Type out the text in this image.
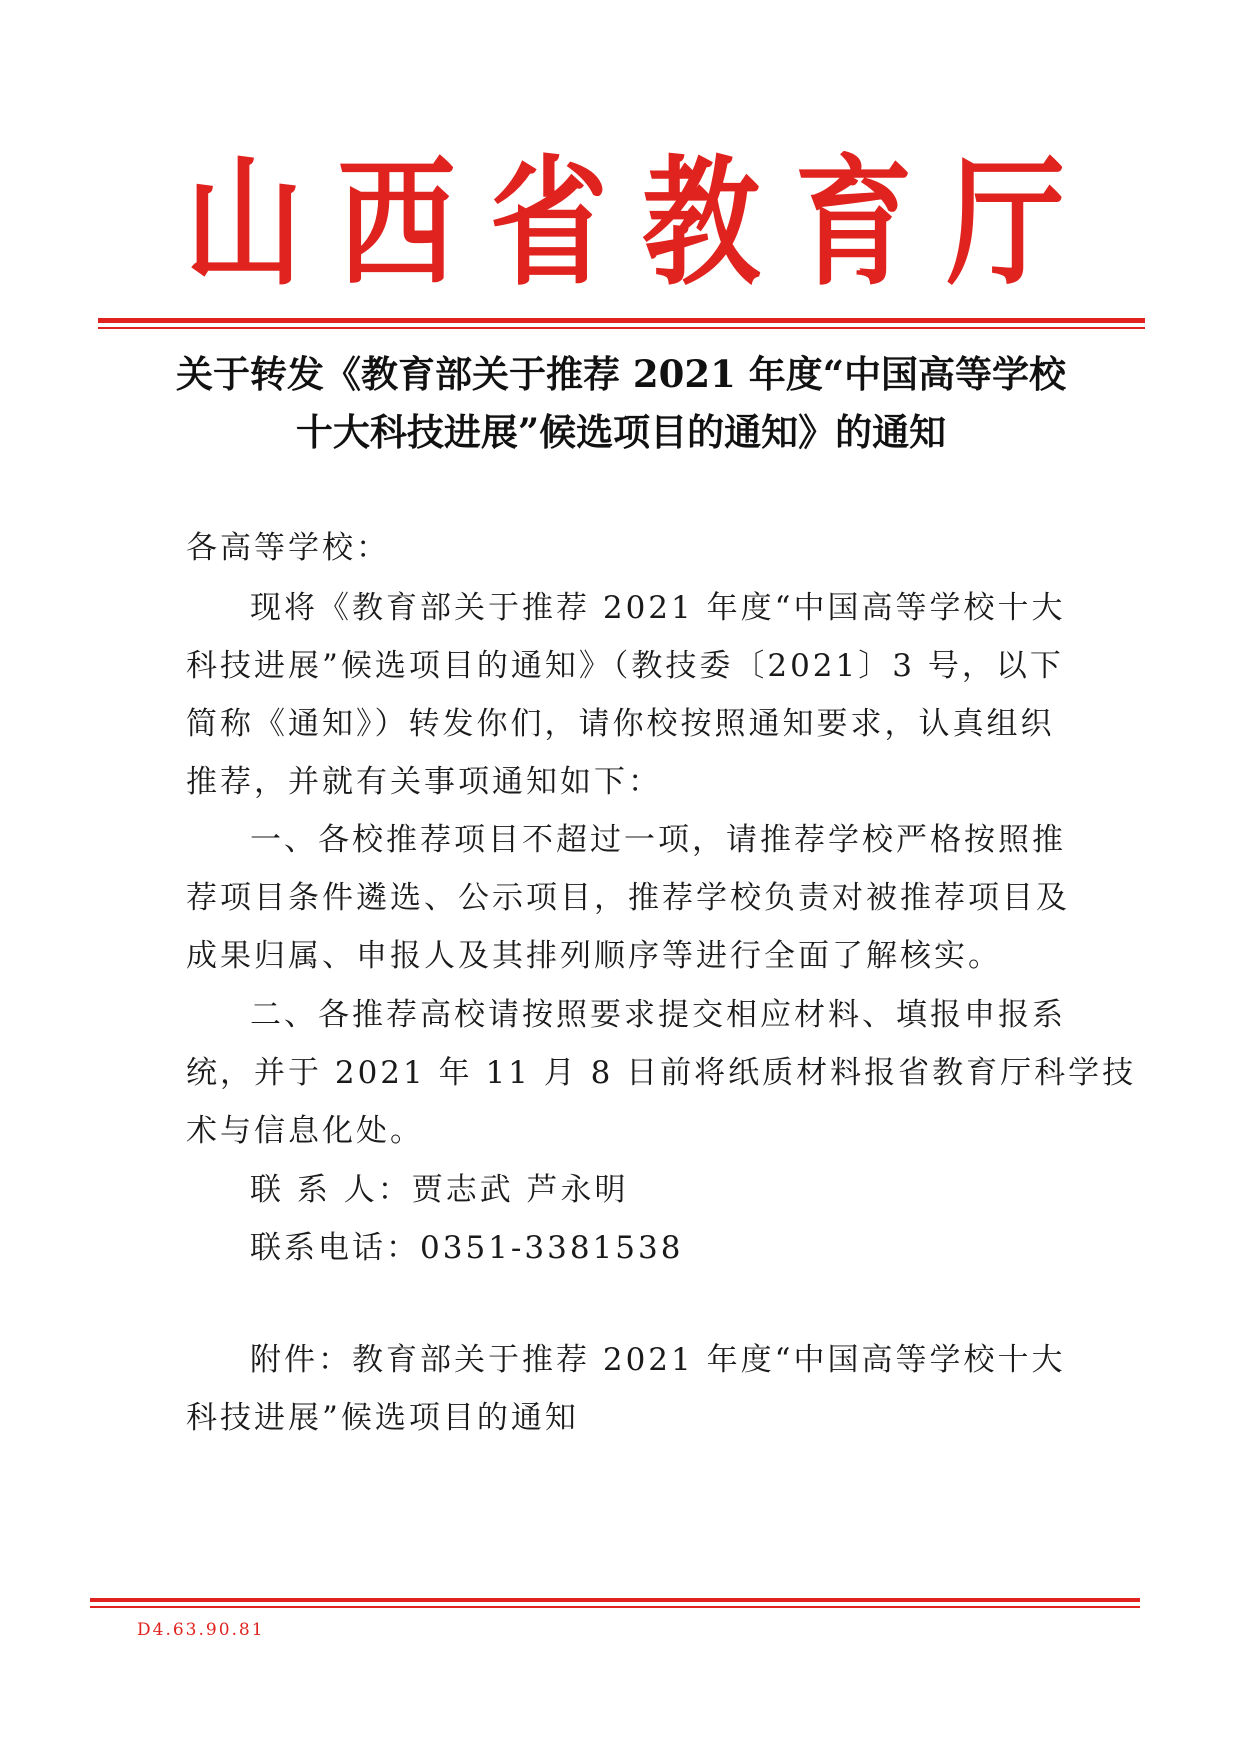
山 西 省 教 育 厅
关于转发《教育部关于推荐 2021 年度“中国高等学校
十大科技进展”候选项目的通知》的通知
各高等学校：
现将《教育部关于推荐 2021 年度“中国高等学校十大
科技进展”候选项目的通知》（教技委〔2021〕3 号，以下
简称《通知》）转发你们，请你校按照通知要求，认真组织
推荐，并就有关事项通知如下：
一、各校推荐项目不超过一项，请推荐学校严格按照推
荐项目条件遴选、公示项目，推荐学校负责对被推荐项目及
成果归属、申报人及其排列顺序等进行全面了解核实。
二、各推荐高校请按照要求提交相应材料、填报申报系
统，并于 2021 年 11 月 8 日前将纸质材料报省教育厅科学技
术与信息化处。
联 系 人：贾志武 芦永明
联系电话：0351-3381538
附件：教育部关于推荐 2021 年度“中国高等学校十大
科技进展”候选项目的通知
D4.63.90.81
